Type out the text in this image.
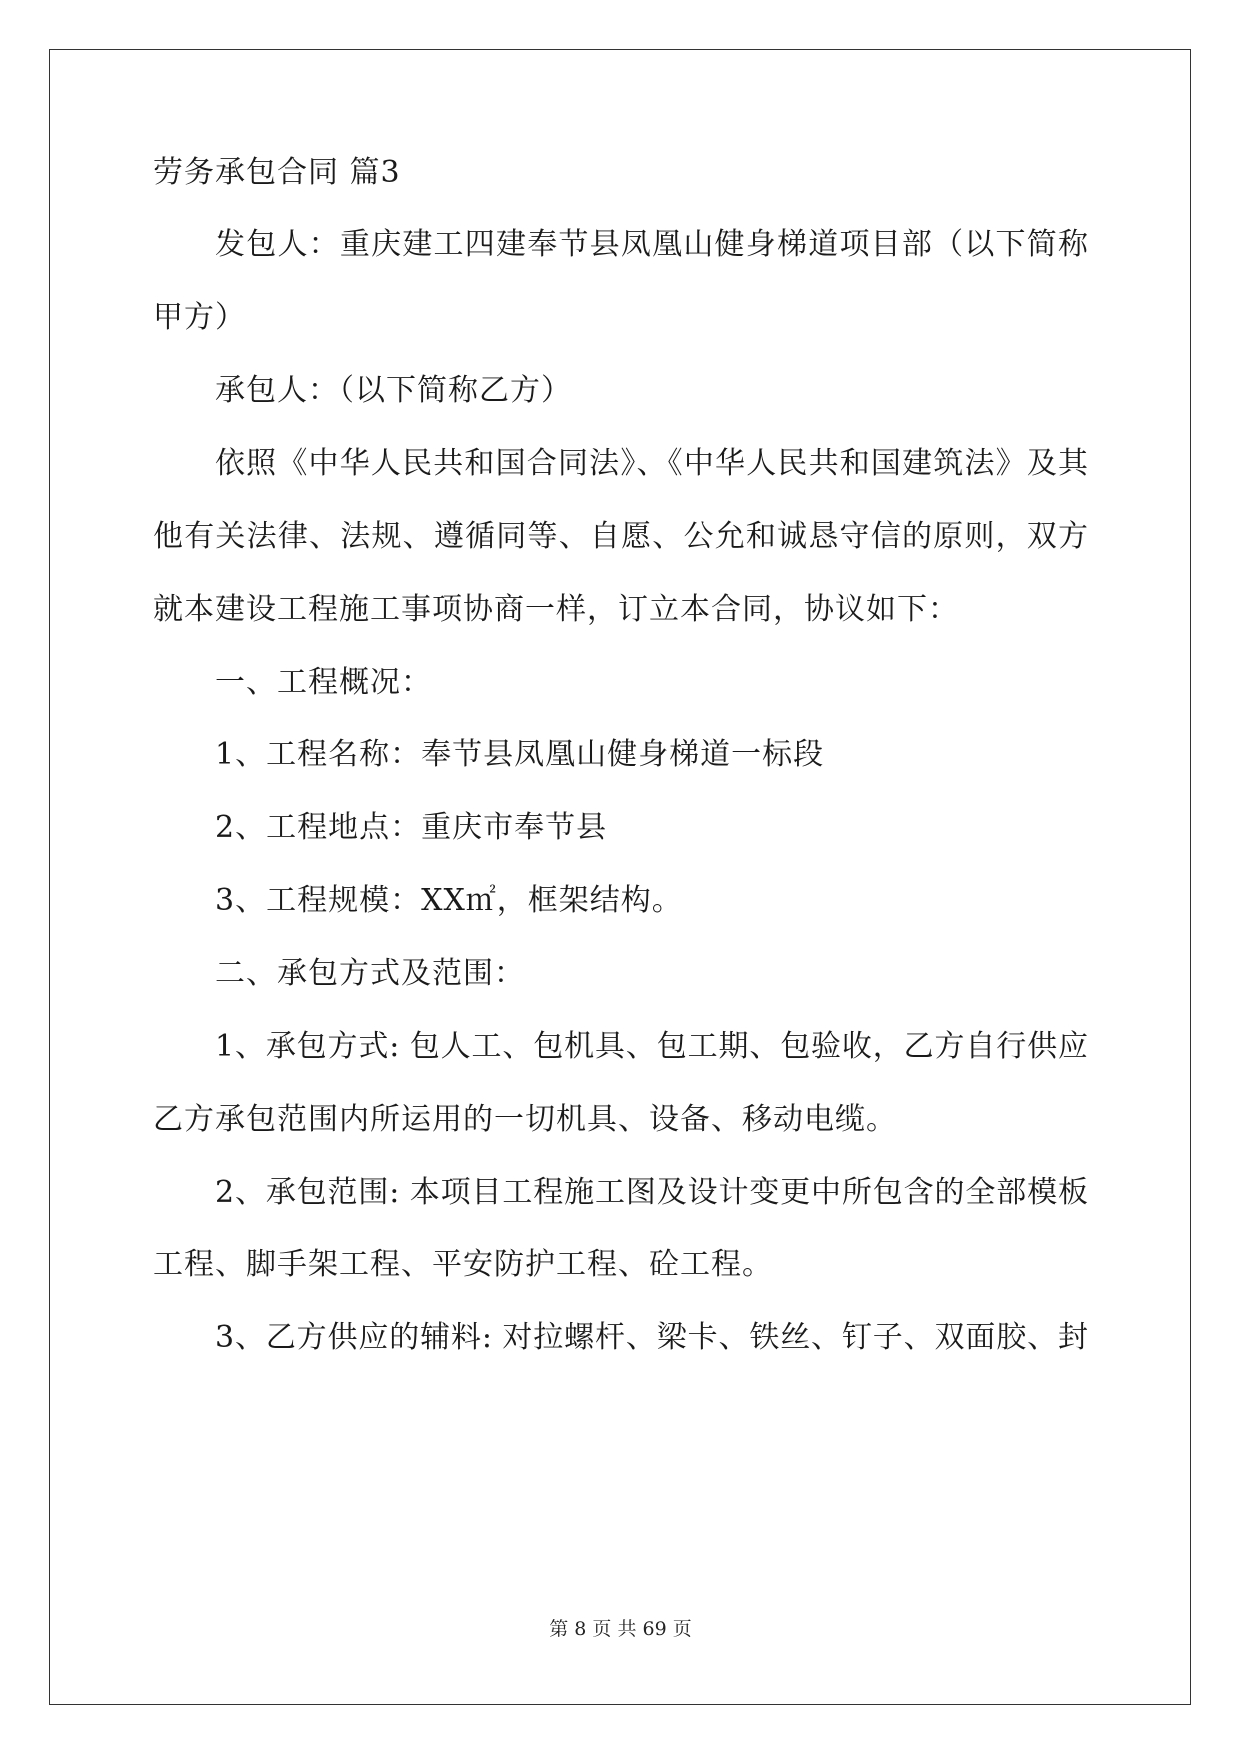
劳务承包合同 篇3
发包人：重庆建工四建奉节县凤凰山健身梯道项目部（以下简称
甲方）
承包人：（以下简称乙方）
依照《中华人民共和国合同法》、《中华人民共和国建筑法》及其
他有关法律、法规、遵循同等、自愿、公允和诚恳守信的原则，双方
就本建设工程施工事项协商一样，订立本合同，协议如下：
一、工程概况：
1、工程名称：奉节县凤凰山健身梯道一标段
2、工程地点：重庆市奉节县
3、工程规模：XX㎡，框架结构。
二、承包方式及范围：
1、承包方式: 包人工、包机具、包工期、包验收，乙方自行供应
乙方承包范围内所运用的一切机具、设备、移动电缆。
2、承包范围: 本项目工程施工图及设计变更中所包含的全部模板
工程、脚手架工程、平安防护工程、砼工程。
3、乙方供应的辅料: 对拉螺杆、梁卡、铁丝、钉子、双面胶、封
第 8 页 共 69 页
